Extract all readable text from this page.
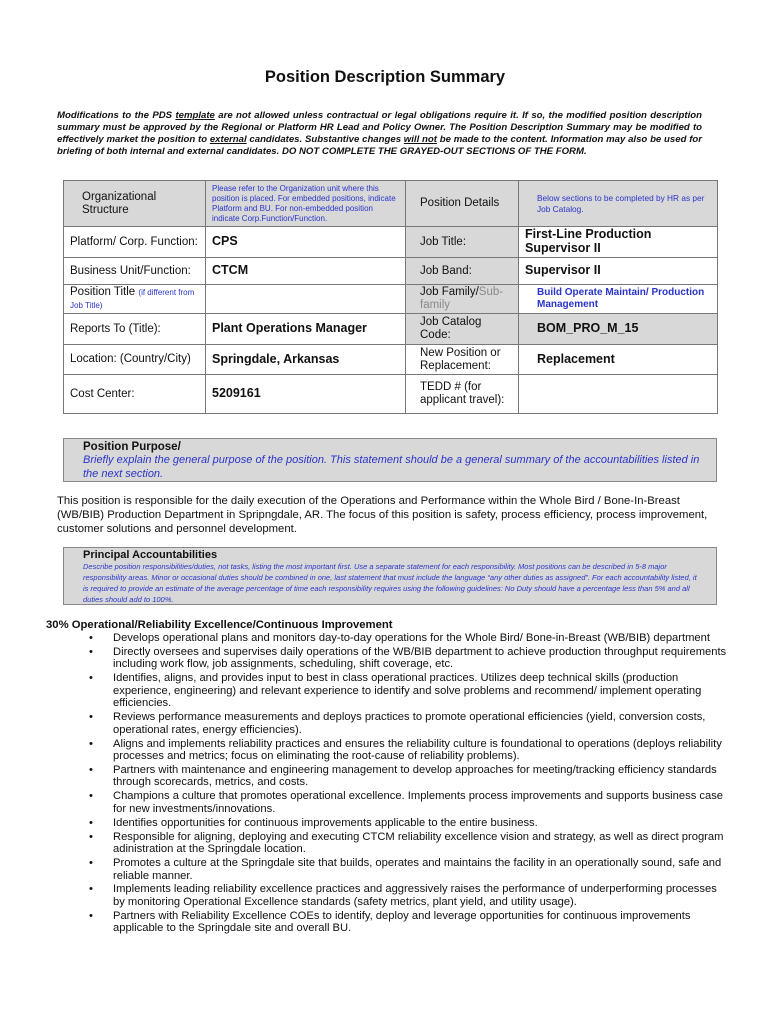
Position Description Summary

Modifications to the PDS template are not allowed unless contractual or legal obligations require it. If so, the modified position description summary must be approved by the Regional or Platform HR Lead and Policy Owner. The Position Description Summary may be modified to effectively market the position to external candidates. Substantive changes will not be made to the content. Information may also be used for briefing of both internal and external candidates. DO NOT COMPLETE THE GRAYED-OUT SECTIONS OF THE FORM.

Organizational Structure	Please refer to the Organization unit where this position is placed. For embedded positions, indicate Platform and BU. For non-embedded position indicate Corp.Function/Function.	Position Details	Below sections to be completed by HR as per Job Catalog.

Platform/ Corp. Function:	CPS	Job Title:	First-Line Production Supervisor II
Business Unit/Function:	CTCM	Job Band:	Supervisor II
Position Title (if different from Job Title)		Job Family/Sub-family	Build Operate Maintain/ Production Management

Reports To (Title):	Plant Operations Manager	Job Catalog Code:	BOM_PRO_M_15

Location: (Country/City)	Springdale, Arkansas	New Position or Replacement:	Replacement
Cost Center:	5209161	TEDD # (for applicant travel):	

Position Purpose/
Briefly explain the general purpose of the position. This statement should be a general summary of the accountabilities listed in the next section.

This position is responsible for the daily execution of the Operations and Performance within the Whole Bird / Bone-In-Breast (WB/BIB) Production Department in Spripngdale, AR. The focus of this position is safety, process efficiency, process improvement, customer solutions and personnel development.

Principal Accountabilities
Describe position responsibilities/duties, not tasks, listing the most important first. Use a separate statement for each responsibility. Most positions can be described in 5-8 major responsibility areas. Minor or occasional duties should be combined in one, last statement that must include the language “any other duties as assigned”. For each accountability listed, it is required to provide an estimate of the average percentage of time each responsibility requires using the following guidelines: No Duty should have a percentage less than 5% and all duties should add to 100%.
30% Operational/Reliability Excellence/Continuous Improvement
• Develops operational plans and monitors day-to-day operations for the Whole Bird/ Bone-in-Breast (WB/BIB) department
• Directly oversees and supervises daily operations of the WB/BIB department to achieve production throughput requirements including work flow, job assignments, scheduling, shift coverage, etc.
• Identifies, aligns, and provides input to best in class operational practices. Utilizes deep technical skills (production experience, engineering) and relevant experience to identify and solve problems and recommend/ implement operating efficiencies.
• Reviews performance measurements and deploys practices to promote operational efficiencies (yield, conversion costs, operational rates, energy efficiencies).
• Aligns and implements reliability practices and ensures the reliability culture is foundational to operations (deploys reliability processes and metrics; focus on eliminating the root-cause of reliability problems).
• Partners with maintenance and engineering management to develop approaches for meeting/tracking efficiency standards through scorecards, metrics, and costs.
• Champions a culture that promotes operational excellence. Implements process improvements and supports business case for new investments/innovations.
• Identifies opportunities for continuous improvements applicable to the entire business.
• Responsible for aligning, deploying and executing CTCM reliability excellence vision and strategy, as well as direct program adinistration at the Springdale location.
• Promotes a culture at the Springdale site that builds, operates and maintains the facility in an operationally sound, safe and reliable manner.
• Implements leading reliability excellence practices and aggressively raises the performance of underperforming processes by monitoring Operational Excellence standards (safety metrics, plant yield, and utility usage).
• Partners with Reliability Excellence COEs to identify, deploy and leverage opportunities for continuous improvements applicable to the Springdale site and overall BU.
